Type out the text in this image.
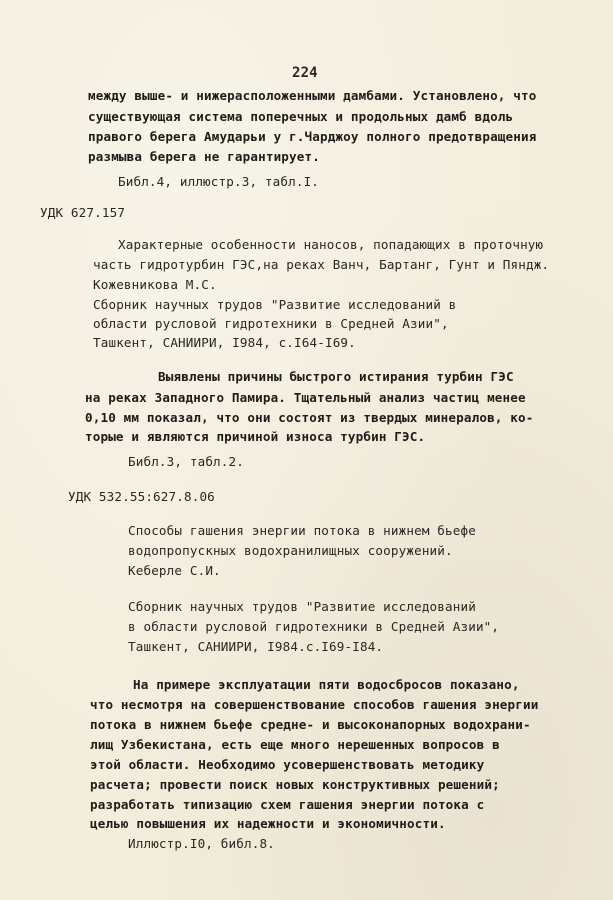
224
между выше- и нижерасположенными дамбами. Установлено, что
существующая система поперечных и продольных дамб вдоль
правого берега Амударьи у г.Чарджоу полного предотвращения
размыва берега не гарантирует.
Библ.4, иллюстр.3, табл.I.
УДК 627.157
Характерные особенности наносов, попадающих в проточную
часть гидротурбин ГЭС,на реках Ванч, Бартанг, Гунт и Пяндж.
Кожевникова М.С.
Сборник научных трудов "Развитие исследований в
области русловой гидротехники в Средней Азии",
Ташкент, САНИИРИ, I984, с.I64-I69.
Выявлены причины быстрого истирания турбин ГЭС
на реках Западного Памира. Тщательный анализ частиц менее
0,10 мм показал, что они состоят из твердых минералов, ко-
торые и являются причиной износа турбин ГЭС.
Библ.3, табл.2.
УДК 532.55:627.8.06
Способы гашения энергии потока в нижнем бьефе
водопропускных водохранилищных сооружений.
Keберле С.И.
Сборник научных трудов "Развитие исследований
в области русловой гидротехники в Средней Азии",
Ташкент, САНИИРИ, I984.с.I69-I84.
На примере эксплуатации пяти водосбросов показано,
что несмотря на совершенствование способов гашения энергии
потока в нижнем бьефе средне- и высоконапорных водохрани-
лищ Узбекистана, есть еще много нерешенных вопросов в
этой области. Необходимо усовершенствовать методику
расчета; провести поиск новых конструктивных решений;
разработать типизацию схем гашения энергии потока с
целью повышения их надежности и экономичности.
Иллюстр.I0, библ.8.
